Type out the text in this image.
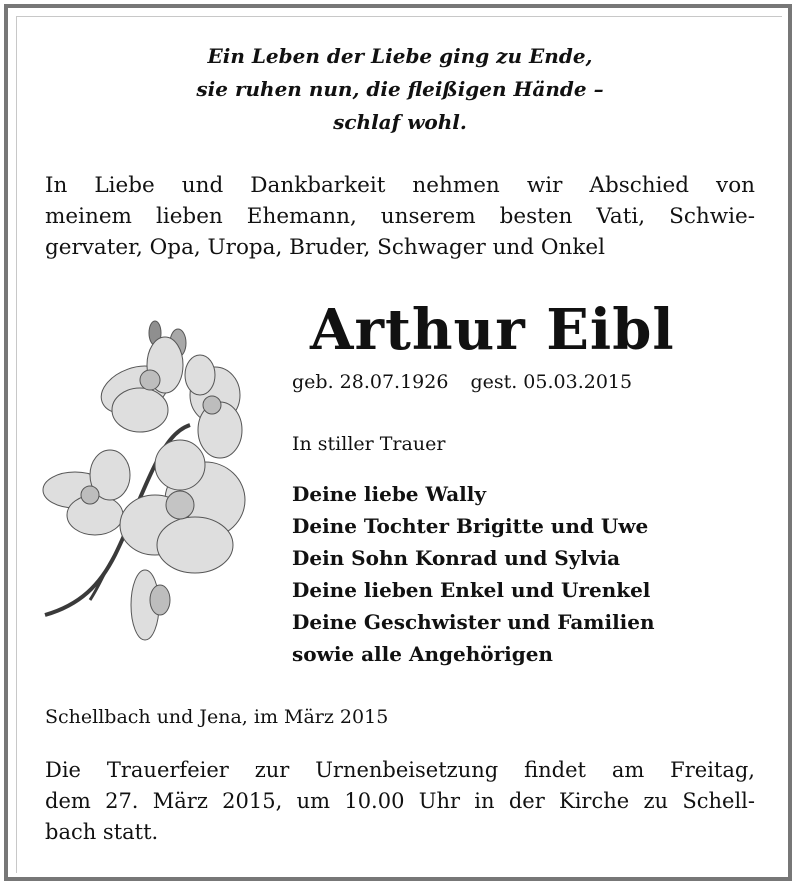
Ein Leben der Liebe ging zu Ende,
sie ruhen nun, die fleißigen Hände –
schlaf wohl.
In Liebe und Dankbarkeit nehmen wir Abschied von
meinem lieben Ehemann, unserem besten Vati, Schwie-
gervater, Opa, Uropa, Bruder, Schwager und Onkel
Arthur Eibl
geb. 28.07.1926 gest. 05.03.2015
In stiller Trauer
Deine liebe Wally
Deine Tochter Brigitte und Uwe
Dein Sohn Konrad und Sylvia
Deine lieben Enkel und Urenkel
Deine Geschwister und Familien
sowie alle Angehörigen
Schellbach und Jena, im März 2015
Die Trauerfeier zur Urnenbeisetzung findet am Freitag,
dem 27. März 2015, um 10.00 Uhr in der Kirche zu Schell-
bach statt.
